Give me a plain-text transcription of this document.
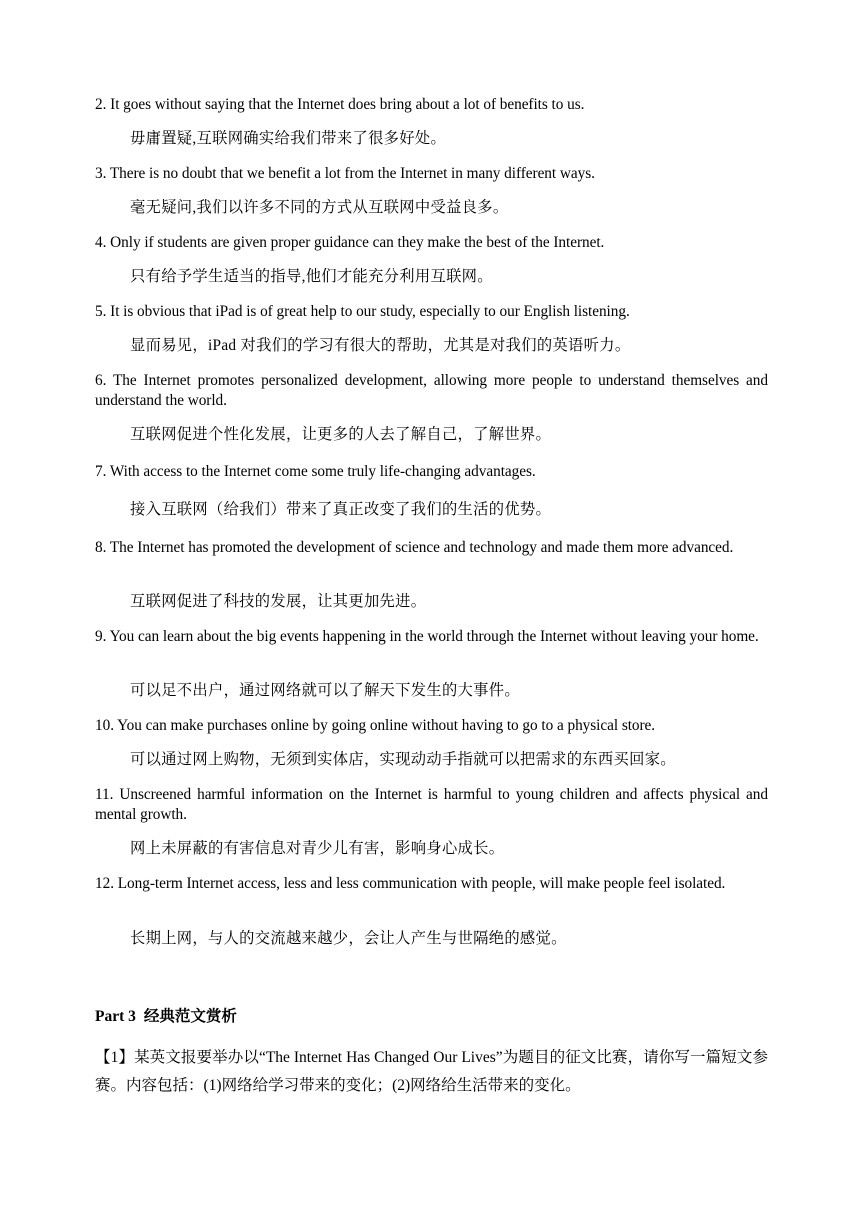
2. It goes without saying that the Internet does bring about a lot of benefits to us.
毋庸置疑,互联网确实给我们带来了很多好处。
3. There is no doubt that we benefit a lot from the Internet in many different ways.
毫无疑问,我们以许多不同的方式从互联网中受益良多。
4. Only if students are given proper guidance can they make the best of the Internet.
只有给予学生适当的指导,他们才能充分利用互联网。
5. It is obvious that iPad is of great help to our study, especially to our English listening.
显而易见，iPad 对我们的学习有很大的帮助，尤其是对我们的英语听力。
6. The Internet promotes personalized development, allowing more people to understand themselves and understand the world.
互联网促进个性化发展，让更多的人去了解自己，了解世界。
7. With access to the Internet come some truly life-changing advantages.
接入互联网（给我们）带来了真正改变了我们的生活的优势。
8. The Internet has promoted the development of science and technology and made them more advanced.
互联网促进了科技的发展，让其更加先进。
9. You can learn about the big events happening in the world through the Internet without leaving your home.
可以足不出户，通过网络就可以了解天下发生的大事件。
10. You can make purchases online by going online without having to go to a physical store.
可以通过网上购物，无须到实体店，实现动动手指就可以把需求的东西买回家。
11. Unscreened harmful information on the Internet is harmful to young children and affects physical and mental growth.
网上未屏蔽的有害信息对青少儿有害，影响身心成长。
12. Long-term Internet access, less and less communication with people, will make people feel isolated.
长期上网，与人的交流越来越少，会让人产生与世隔绝的感觉。
Part 3 经典范文赏析
【1】某英文报要举办以“The Internet Has Changed Our Lives”为题目的征文比赛，请你写一篇短文参赛。内容包括：(1)网络给学习带来的变化；(2)网络给生活带来的变化。
